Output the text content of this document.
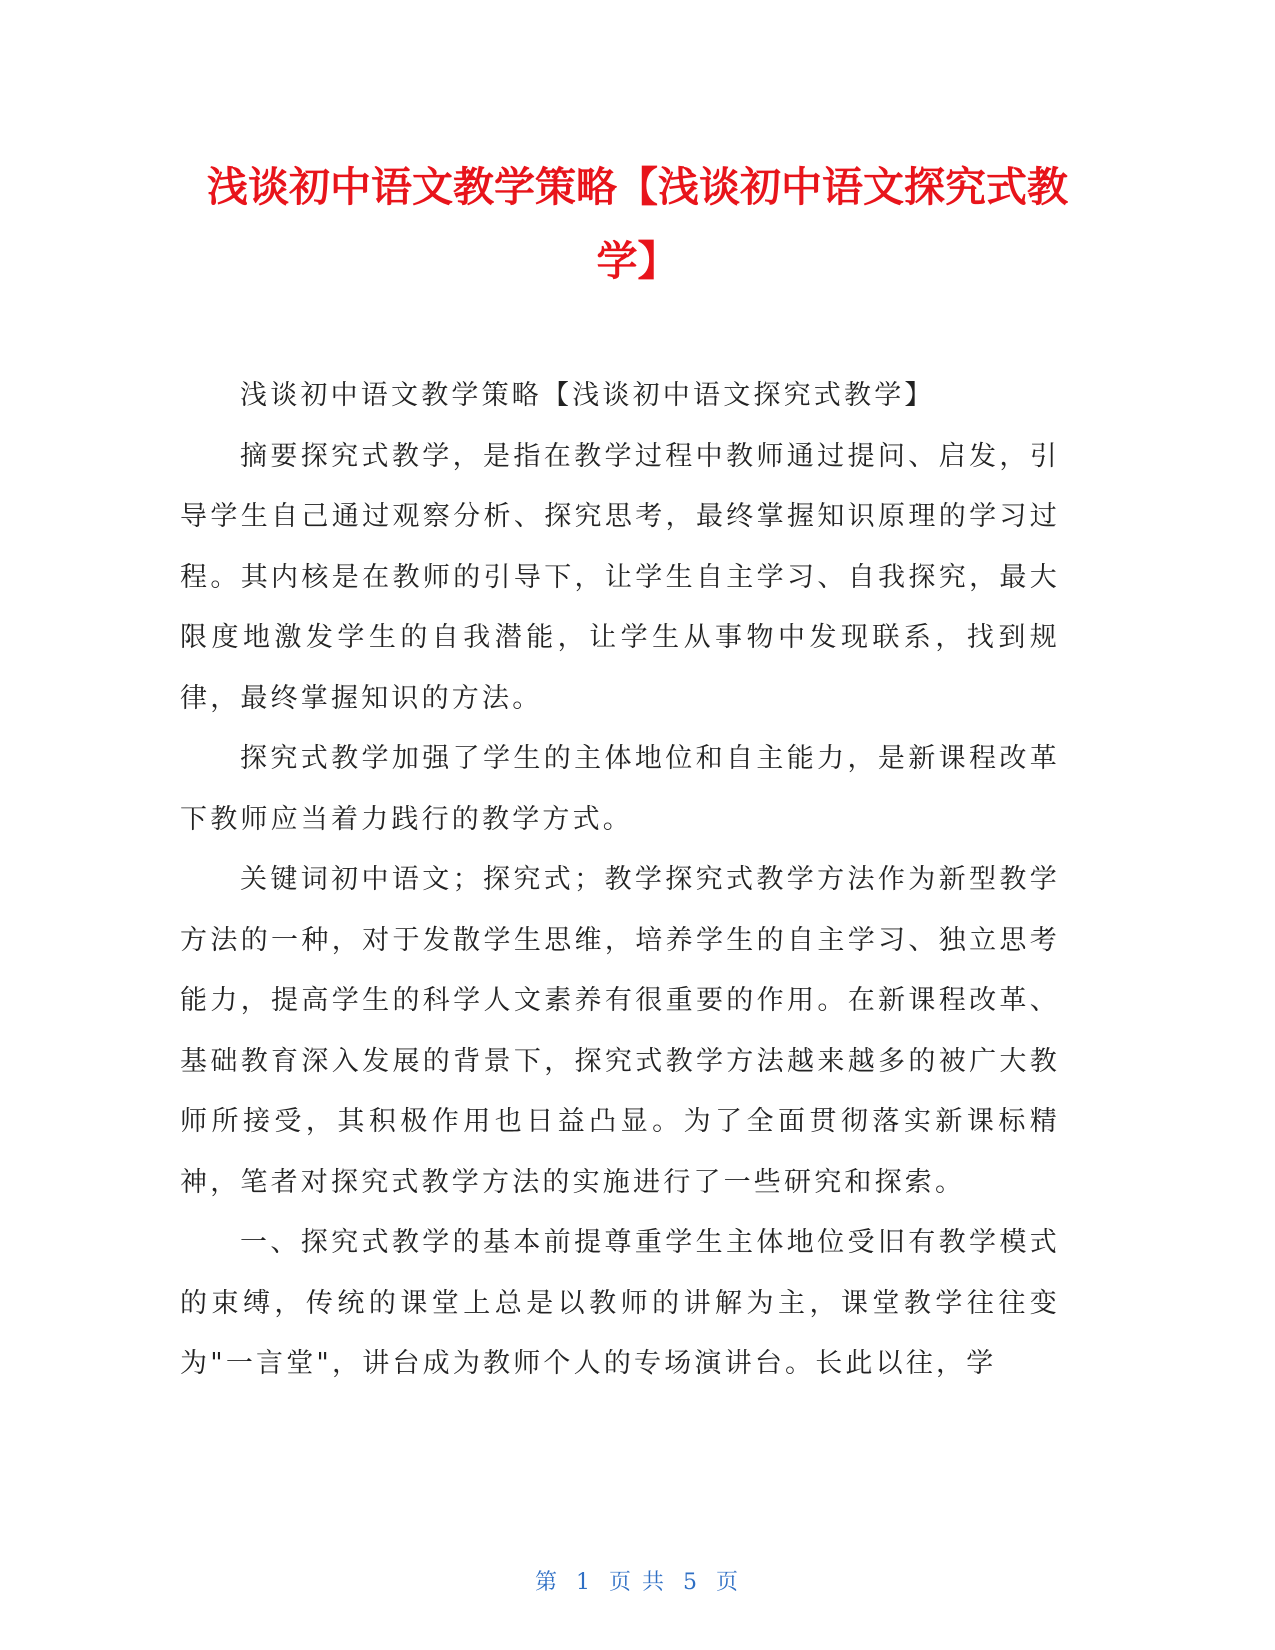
浅谈初中语文教学策略【浅谈初中语文探究式教学】

浅谈初中语文教学策略【浅谈初中语文探究式教学】

摘要探究式教学，是指在教学过程中教师通过提问、启发，引导学生自己通过观察分析、探究思考，最终掌握知识原理的学习过程。其内核是在教师的引导下，让学生自主学习、自我探究，最大限度地激发学生的自我潜能，让学生从事物中发现联系，找到规律，最终掌握知识的方法。

探究式教学加强了学生的主体地位和自主能力，是新课程改革下教师应当着力践行的教学方式。

关键词初中语文；探究式；教学探究式教学方法作为新型教学方法的一种，对于发散学生思维，培养学生的自主学习、独立思考能力，提高学生的科学人文素养有很重要的作用。在新课程改革、基础教育深入发展的背景下，探究式教学方法越来越多的被广大教师所接受，其积极作用也日益凸显。为了全面贯彻落实新课标精神，笔者对探究式教学方法的实施进行了一些研究和探索。

一、探究式教学的基本前提尊重学生主体地位受旧有教学模式的束缚，传统的课堂上总是以教师的讲解为主，课堂教学往往变为"一言堂"，讲台成为教师个人的专场演讲台。长此以往，学

第 1 页 共 5 页
